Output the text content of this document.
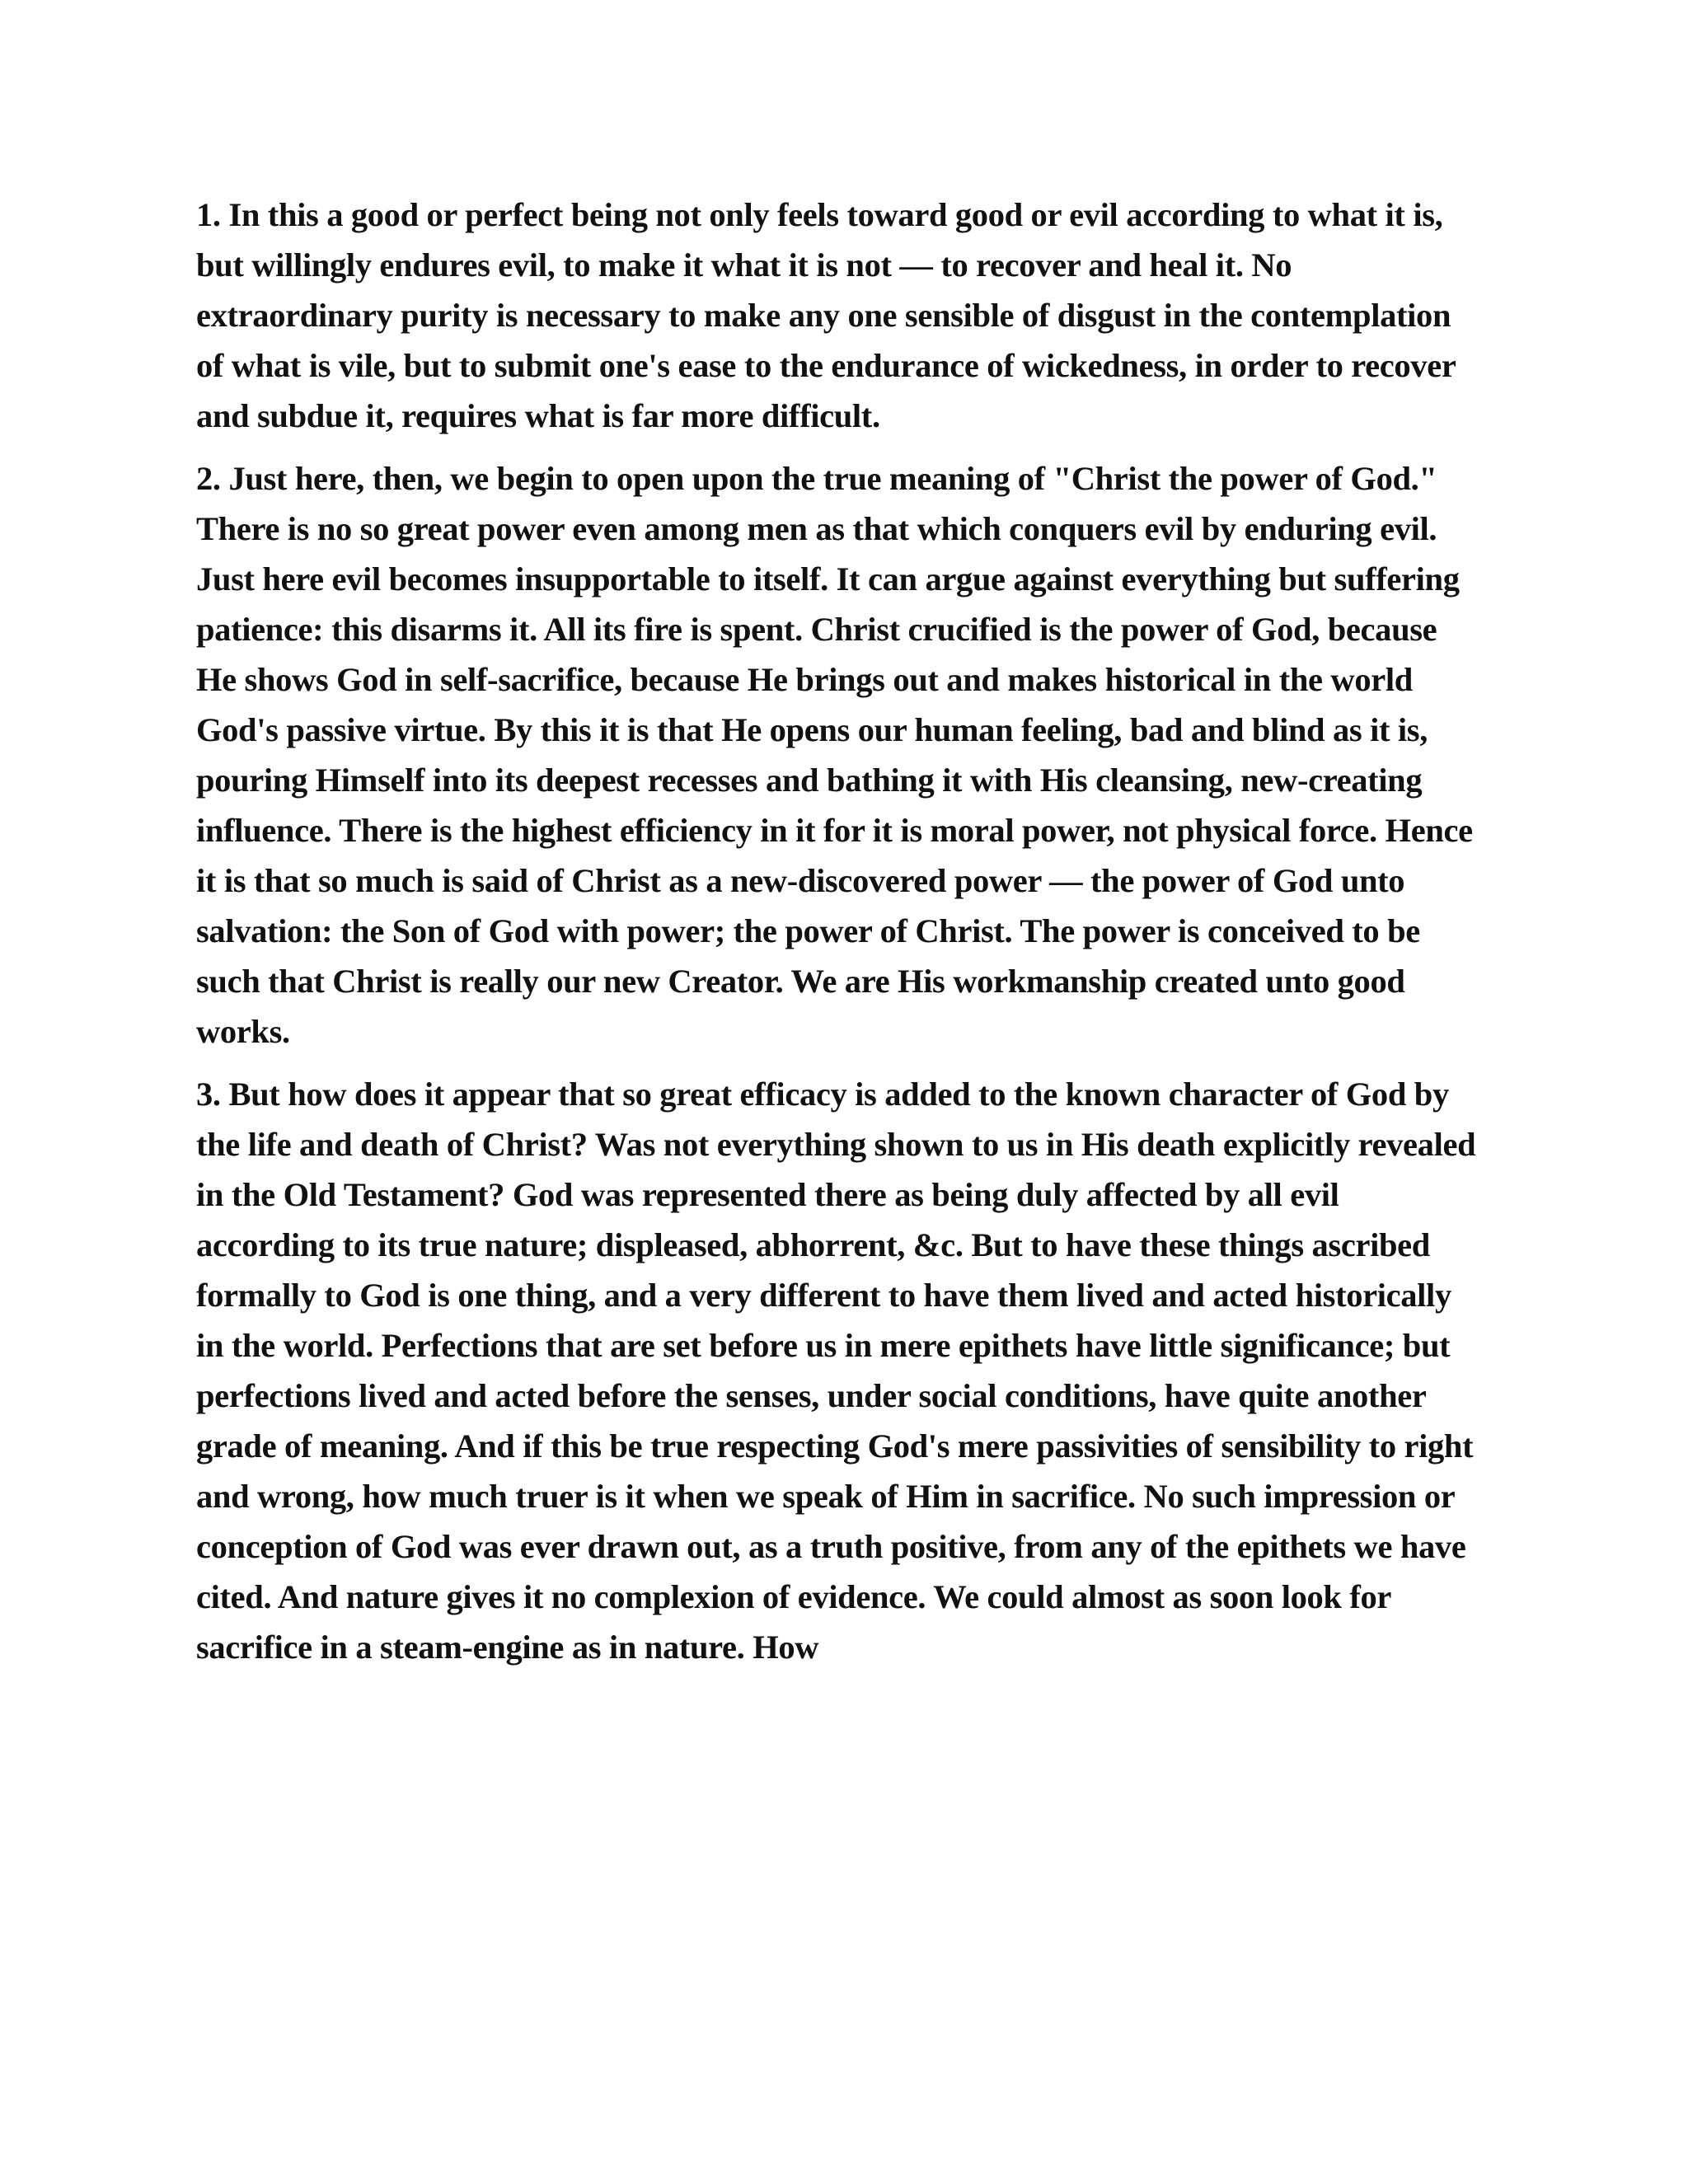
1. In this a good or perfect being not only feels toward good or evil according to what it is, but willingly endures evil, to make it what it is not — to recover and heal it. No extraordinary purity is necessary to make any one sensible of disgust in the contemplation of what is vile, but to submit one's ease to the endurance of wickedness, in order to recover and subdue it, requires what is far more difficult.

2. Just here, then, we begin to open upon the true meaning of "Christ the power of God." There is no so great power even among men as that which conquers evil by enduring evil. Just here evil becomes insupportable to itself. It can argue against everything but suffering patience: this disarms it. All its fire is spent. Christ crucified is the power of God, because He shows God in self-sacrifice, because He brings out and makes historical in the world God's passive virtue. By this it is that He opens our human feeling, bad and blind as it is, pouring Himself into its deepest recesses and bathing it with His cleansing, new-creating influence. There is the highest efficiency in it for it is moral power, not physical force. Hence it is that so much is said of Christ as a new-discovered power — the power of God unto salvation: the Son of God with power; the power of Christ. The power is conceived to be such that Christ is really our new Creator. We are His workmanship created unto good works.

3. But how does it appear that so great efficacy is added to the known character of God by the life and death of Christ? Was not everything shown to us in His death explicitly revealed in the Old Testament? God was represented there as being duly affected by all evil according to its true nature; displeased, abhorrent, &c. But to have these things ascribed formally to God is one thing, and a very different to have them lived and acted historically in the world. Perfections that are set before us in mere epithets have little significance; but perfections lived and acted before the senses, under social conditions, have quite another grade of meaning. And if this be true respecting God's mere passivities of sensibility to right and wrong, how much truer is it when we speak of Him in sacrifice. No such impression or conception of God was ever drawn out, as a truth positive, from any of the epithets we have cited. And nature gives it no complexion of evidence. We could almost as soon look for sacrifice in a steam-engine as in nature. How
